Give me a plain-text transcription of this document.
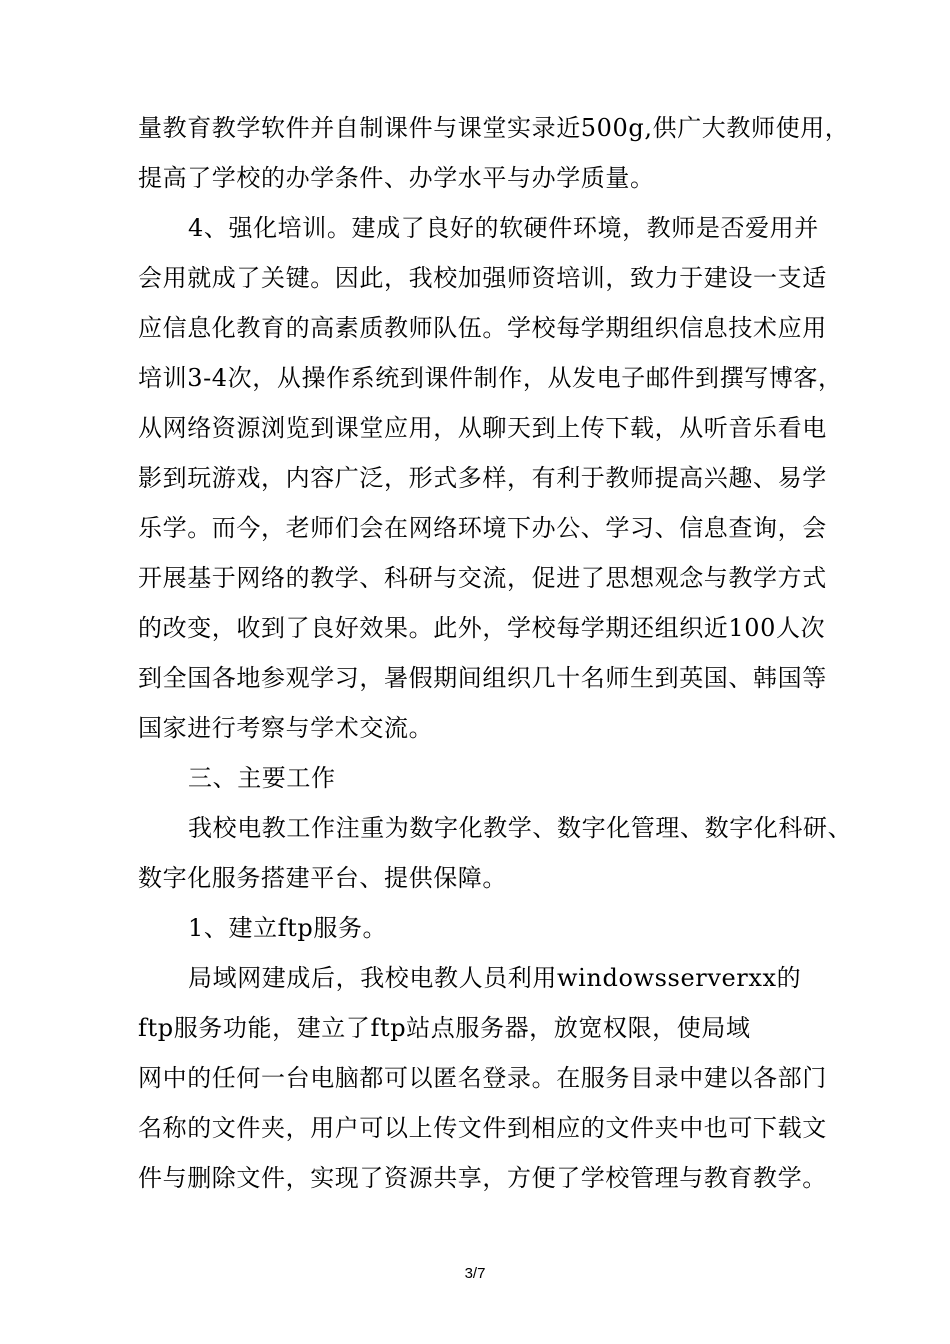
量教育教学软件并自制课件与课堂实录近500g,供广大教师使用，
提高了学校的办学条件、办学水平与办学质量。
4、强化培训。建成了良好的软硬件环境，教师是否爱用并
会用就成了关键。因此，我校加强师资培训，致力于建设一支适
应信息化教育的高素质教师队伍。学校每学期组织信息技术应用
培训3-4次，从操作系统到课件制作，从发电子邮件到撰写博客，
从网络资源浏览到课堂应用，从聊天到上传下载，从听音乐看电
影到玩游戏，内容广泛，形式多样，有利于教师提高兴趣、易学
乐学。而今，老师们会在网络环境下办公、学习、信息查询，会
开展基于网络的教学、科研与交流，促进了思想观念与教学方式
的改变，收到了良好效果。此外，学校每学期还组织近100人次
到全国各地参观学习，暑假期间组织几十名师生到英国、韩国等
国家进行考察与学术交流。
三、主要工作
我校电教工作注重为数字化教学、数字化管理、数字化科研、
数字化服务搭建平台、提供保障。
1、建立ftp服务。
局域网建成后，我校电教人员利用windowsserverxx的
ftp服务功能，建立了ftp站点服务器，放宽权限，使局域
网中的任何一台电脑都可以匿名登录。在服务目录中建以各部门
名称的文件夹，用户可以上传文件到相应的文件夹中也可下载文
件与删除文件，实现了资源共享，方便了学校管理与教育教学。
3/7
